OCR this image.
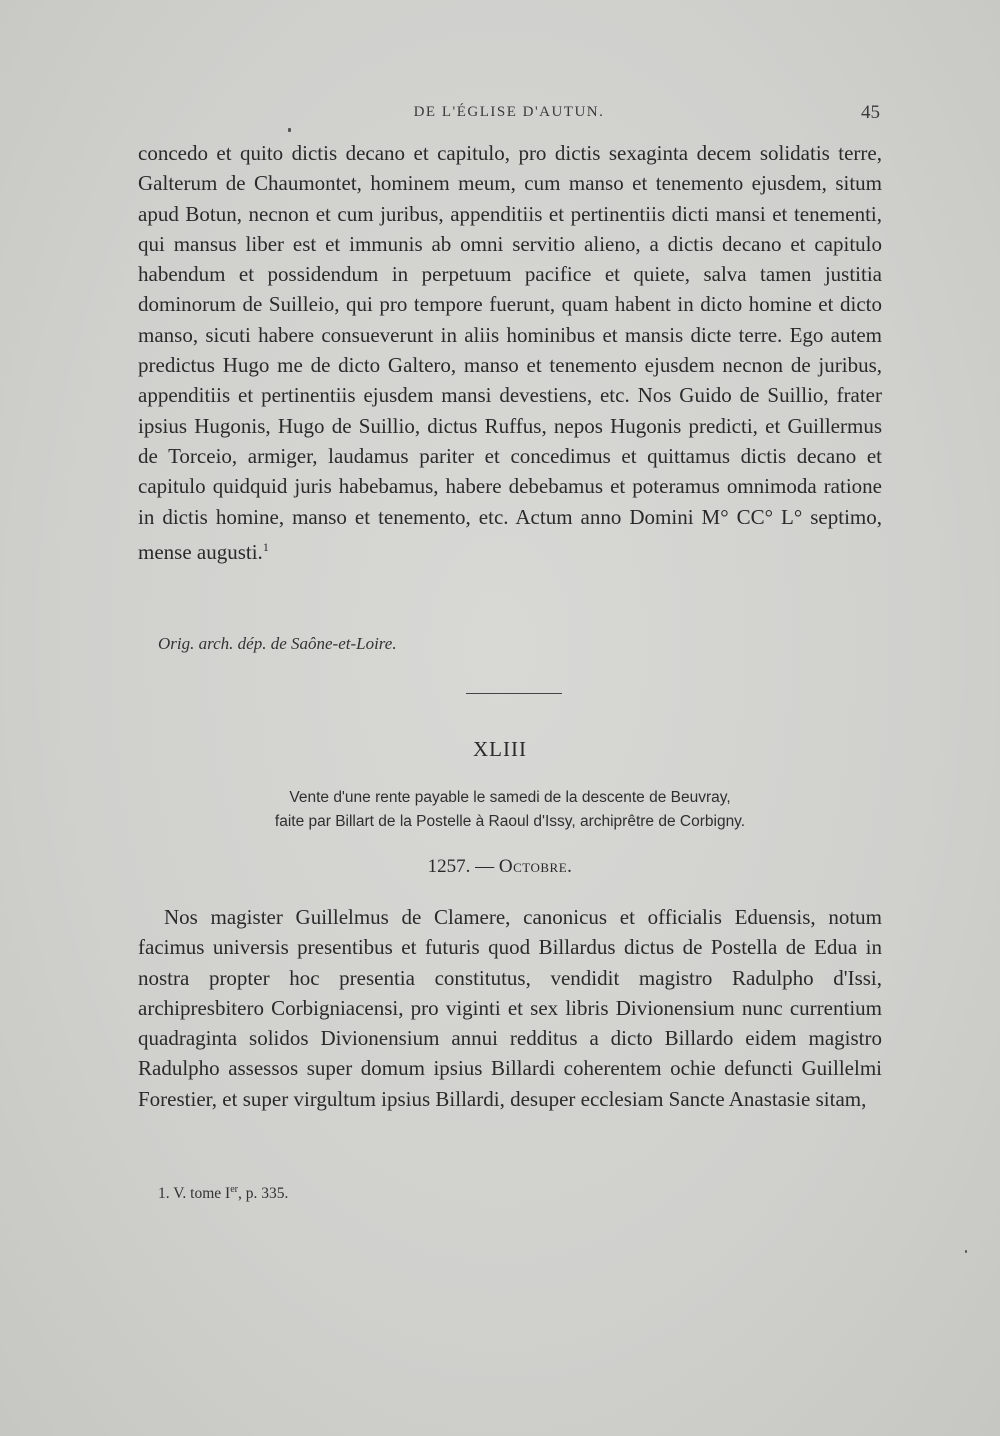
DE L'ÉGLISE D'AUTUN.	45

concedo et quito dictis decano et capitulo, pro dictis sexaginta decem solidatis terre, Galterum de Chaumontet, hominem meum, cum manso et tenemento ejusdem, situm apud Botun, necnon et cum juribus, appenditiis et pertinentiis dicti mansi et tenementi, qui mansus liber est et immunis ab omni servitio alieno, a dictis decano et capitulo habendum et possidendum in perpetuum pacifice et quiete, salva tamen justitia dominorum de Suilleio, qui pro tempore fuerunt, quam habent in dicto homine et dicto manso, sicuti habere consueverunt in aliis hominibus et mansis dicte terre. Ego autem predictus Hugo me de dicto Galtero, manso et tenemento ejusdem necnon de juribus, appenditiis et pertinentiis ejusdem mansi devestiens, etc. Nos Guido de Suillio, frater ipsius Hugonis, Hugo de Suillio, dictus Ruffus, nepos Hugonis predicti, et Guillermus de Torceio, armiger, laudamus pariter et concedimus et quittamus dictis decano et capitulo quidquid juris habebamus, habere debebamus et poteramus omnimoda ratione in dictis homine, manso et tenemento, etc. Actum anno Domini M° CC° L° septimo, mense augusti.$^1$

Orig. arch. dép. de Saône-et-Loire.

XLIII

Vente d'une rente payable le samedi de la descente de Beuvray,
faite par Billart de la Postelle à Raoul d'Issy, archiprêtre de Corbigny.

1257. — Octobre.

Nos magister Guillelmus de Clamere, canonicus et officialis Eduensis, notum facimus universis presentibus et futuris quod Billardus dictus de Postella de Edua in nostra propter hoc presentia constitutus, vendidit magistro Radulpho d'Issi, archipresbitero Corbigniacensi, pro viginti et sex libris Divionensium nunc currentium quadraginta solidos Divionensium annui redditus a dicto Billardo eidem magistro Radulpho assessos super domum ipsius Billardi coherentem ochie defuncti Guillelmi Forestier, et super virgultum ipsius Billardi, desuper ecclesiam Sancte Anastasie sitam,

1. V. tome Ier, p. 335.
